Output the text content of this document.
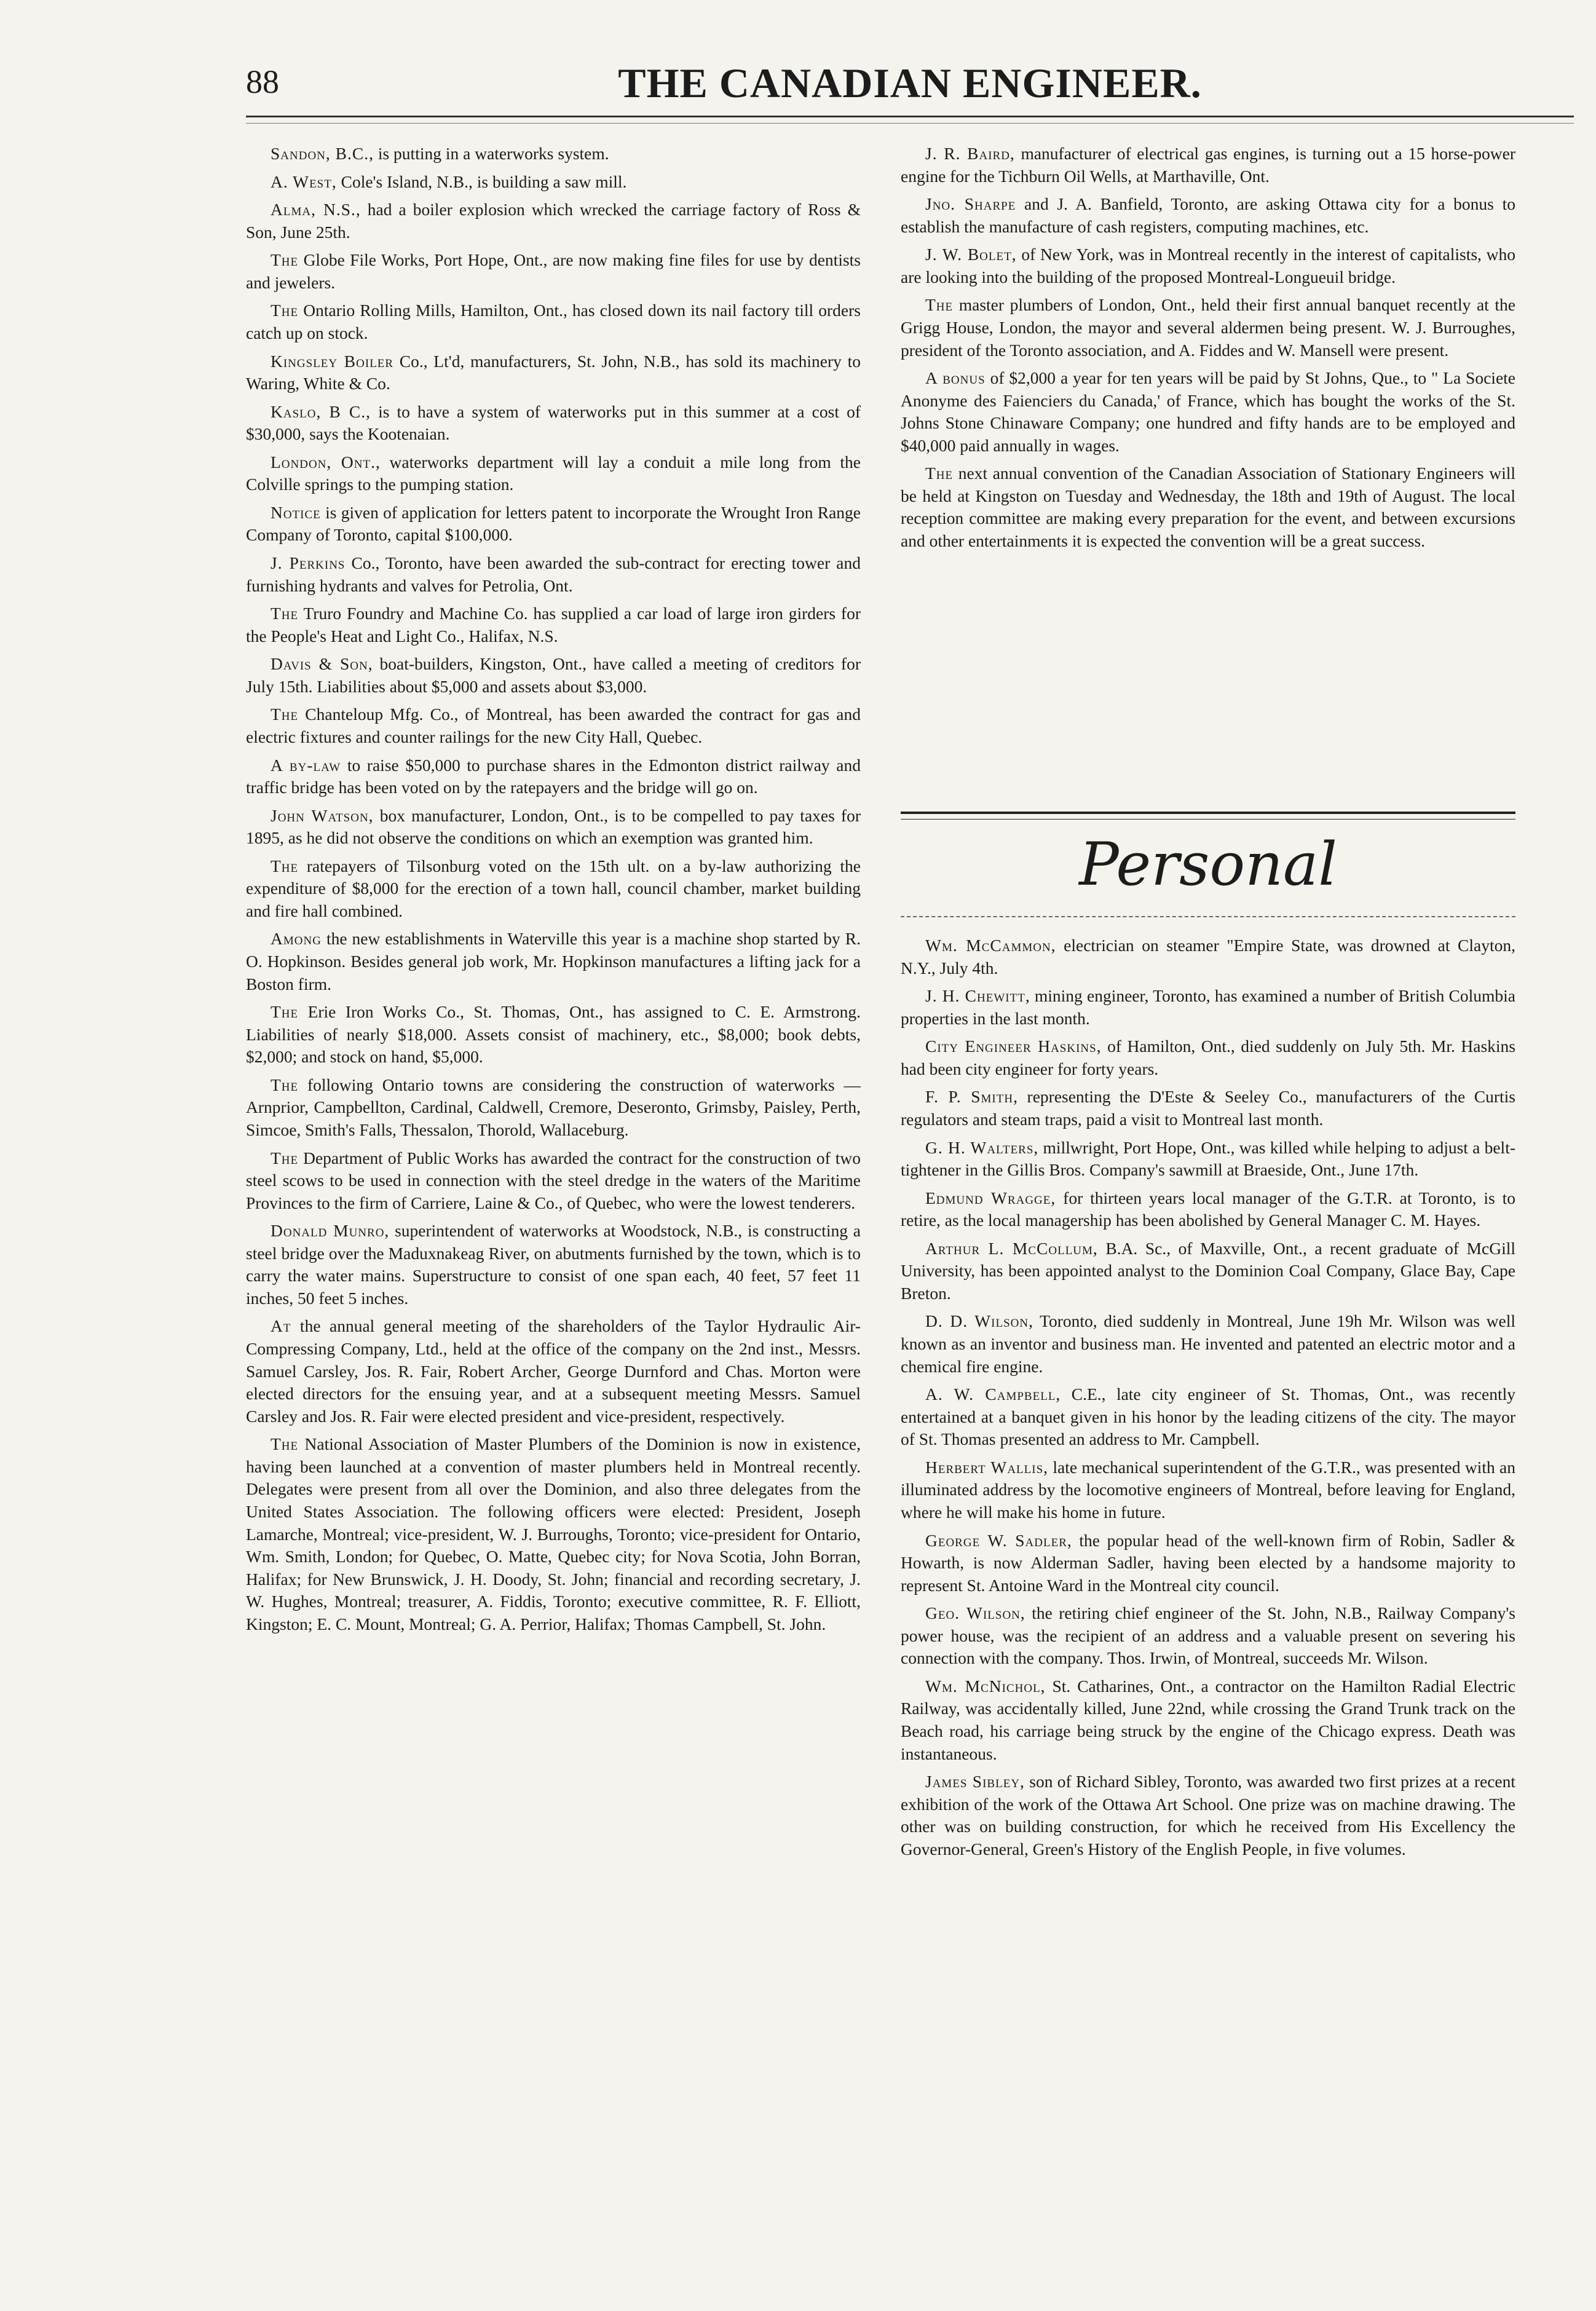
88	THE CANADIAN ENGINEER.

Sandon, B.C., is putting in a waterworks system.

A. West, Cole's Island, N.B., is building a saw mill.

Alma, N.S., had a boiler explosion which wrecked the carriage factory of Ross & Son, June 25th.

The Globe File Works, Port Hope, Ont., are now making fine files for use by dentists and jewelers.

The Ontario Rolling Mills, Hamilton, Ont., has closed down its nail factory till orders catch up on stock.

Kingsley Boiler Co., Lt'd, manufacturers, St. John, N.B., has sold its machinery to Waring, White & Co.

Kaslo, B C., is to have a system of waterworks put in this summer at a cost of $30,000, says the Kootenaian.

London, Ont., waterworks department will lay a conduit a mile long from the Colville springs to the pumping station.

Notice is given of application for letters patent to incorporate the Wrought Iron Range Company of Toronto, capital $100,000.

J. Perkins Co., Toronto, have been awarded the sub-contract for erecting tower and furnishing hydrants and valves for Petrolia, Ont.

The Truro Foundry and Machine Co. has supplied a car load of large iron girders for the People's Heat and Light Co., Halifax, N.S.

Davis & Son, boat-builders, Kingston, Ont., have called a meeting of creditors for July 15th. Liabilities about $5,000 and assets about $3,000.

The Chanteloup Mfg. Co., of Montreal, has been awarded the contract for gas and electric fixtures and counter railings for the new City Hall, Quebec.

A by-law to raise $50,000 to purchase shares in the Edmonton district railway and traffic bridge has been voted on by the ratepayers and the bridge will go on.

John Watson, box manufacturer, London, Ont., is to be compelled to pay taxes for 1895, as he did not observe the conditions on which an exemption was granted him.

The ratepayers of Tilsonburg voted on the 15th ult. on a by-law authorizing the expenditure of $8,000 for the erection of a town hall, council chamber, market building and fire hall combined.

Among the new establishments in Waterville this year is a machine shop started by R. O. Hopkinson. Besides general job work, Mr. Hopkinson manufactures a lifting jack for a Boston firm.

The Erie Iron Works Co., St. Thomas, Ont., has assigned to C. E. Armstrong. Liabilities of nearly $18,000. Assets consist of machinery, etc., $8,000; book debts, $2,000; and stock on hand, $5,000.

The following Ontario towns are considering the construction of waterworks —Arnprior, Campbellton, Cardinal, Caldwell, Cremore, Deseronto, Grimsby, Paisley, Perth, Simcoe, Smith's Falls, Thessalon, Thorold, Wallaceburg.

The Department of Public Works has awarded the contract for the construction of two steel scows to be used in connection with the steel dredge in the waters of the Maritime Provinces to the firm of Carriere, Laine & Co., of Quebec, who were the lowest tenderers.

Donald Munro, superintendent of waterworks at Woodstock, N.B., is constructing a steel bridge over the Maduxnakeag River, on abutments furnished by the town, which is to carry the water mains. Superstructure to consist of one span each, 40 feet, 57 feet 11 inches, 50 feet 5 inches.

At the annual general meeting of the shareholders of the Taylor Hydraulic Air-Compressing Company, Ltd., held at the office of the company on the 2nd inst., Messrs. Samuel Carsley, Jos. R. Fair, Robert Archer, George Durnford and Chas. Morton were elected directors for the ensuing year, and at a subsequent meeting Messrs. Samuel Carsley and Jos. R. Fair were elected president and vice-president, respectively.

The National Association of Master Plumbers of the Dominion is now in existence, having been launched at a convention of master plumbers held in Montreal recently. Delegates were present from all over the Dominion, and also three delegates from the United States Association. The following officers were elected: President, Joseph Lamarche, Montreal; vice-president, W. J. Burroughs, Toronto; vice-president for Ontario, Wm. Smith, London; for Quebec, O. Matte, Quebec city; for Nova Scotia, John Borran, Halifax; for New Brunswick, J. H. Doody, St. John; financial and recording secretary, J. W. Hughes, Montreal; treasurer, A. Fiddis, Toronto; executive committee, R. F. Elliott, Kingston; E. C. Mount, Montreal; G. A. Perrior, Halifax; Thomas Campbell, St. John.

J. R. Baird, manufacturer of electrical gas engines, is turning out a 15 horse-power engine for the Tichburn Oil Wells, at Marthaville, Ont.

Jno. Sharpe and J. A. Banfield, Toronto, are asking Ottawa city for a bonus to establish the manufacture of cash registers, computing machines, etc.

J. W. Bolet, of New York, was in Montreal recently in the interest of capitalists, who are looking into the building of the proposed Montreal-Longueuil bridge.

The master plumbers of London, Ont., held their first annual banquet recently at the Grigg House, London, the mayor and several aldermen being present. W. J. Burroughes, president of the Toronto association, and A. Fiddes and W. Mansell were present.

A bonus of $2,000 a year for ten years will be paid by St Johns, Que., to " La Societe Anonyme des Faienciers du Canada,' of France, which has bought the works of the St. Johns Stone Chinaware Company; one hundred and fifty hands are to be employed and $40,000 paid annually in wages.

The next annual convention of the Canadian Association of Stationary Engineers will be held at Kingston on Tuesday and Wednesday, the 18th and 19th of August. The local reception committee are making every preparation for the event, and between excursions and other entertainments it is expected the convention will be a great success.

Personal

Wm. McCammon, electrician on steamer "Empire State, was drowned at Clayton, N.Y., July 4th.

J. H. Chewitt, mining engineer, Toronto, has examined a number of British Columbia properties in the last month.

City Engineer Haskins, of Hamilton, Ont., died suddenly on July 5th. Mr. Haskins had been city engineer for forty years.

F. P. Smith, representing the D'Este & Seeley Co., manufacturers of the Curtis regulators and steam traps, paid a visit to Montreal last month.

G. H. Walters, millwright, Port Hope, Ont., was killed while helping to adjust a belt-tightener in the Gillis Bros. Company's sawmill at Braeside, Ont., June 17th.

Edmund Wragge, for thirteen years local manager of the G.T.R. at Toronto, is to retire, as the local managership has been abolished by General Manager C. M. Hayes.

Arthur L. McCollum, B.A. Sc., of Maxville, Ont., a recent graduate of McGill University, has been appointed analyst to the Dominion Coal Company, Glace Bay, Cape Breton.

D. D. Wilson, Toronto, died suddenly in Montreal, June 19h Mr. Wilson was well known as an inventor and business man. He invented and patented an electric motor and a chemical fire engine.

A. W. Campbell, C.E., late city engineer of St. Thomas, Ont., was recently entertained at a banquet given in his honor by the leading citizens of the city. The mayor of St. Thomas presented an address to Mr. Campbell.

Herbert Wallis, late mechanical superintendent of the G.T.R., was presented with an illuminated address by the locomotive engineers of Montreal, before leaving for England, where he will make his home in future.

George W. Sadler, the popular head of the well-known firm of Robin, Sadler & Howarth, is now Alderman Sadler, having been elected by a handsome majority to represent St. Antoine Ward in the Montreal city council.

Geo. Wilson, the retiring chief engineer of the St. John, N.B., Railway Company's power house, was the recipient of an address and a valuable present on severing his connection with the company. Thos. Irwin, of Montreal, succeeds Mr. Wilson.

Wm. McNichol, St. Catharines, Ont., a contractor on the Hamilton Radial Electric Railway, was accidentally killed, June 22nd, while crossing the Grand Trunk track on the Beach road, his carriage being struck by the engine of the Chicago express. Death was instantaneous.

James Sibley, son of Richard Sibley, Toronto, was awarded two first prizes at a recent exhibition of the work of the Ottawa Art School. One prize was on machine drawing. The other was on building construction, for which he received from His Excellency the Governor-General, Green's History of the English People, in five volumes.
